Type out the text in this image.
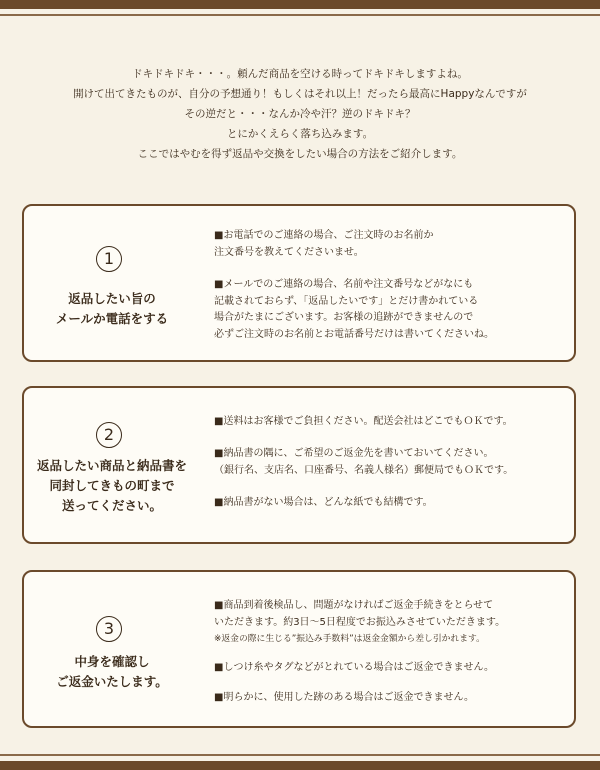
ドキドキドキ・・・。頼んだ商品を空ける時ってドキドキしますよね。
開けて出てきたものが、自分の予想通り！もしくはそれ以上！だったら最高にHappyなんですが
その逆だと・・・なんか冷や汗？逆のドキドキ？
とにかくえらく落ち込みます。
ここではやむを得ず返品や交換をしたい場合の方法をご紹介します。
1
返品したい旨の
メールか電話をする
■お電話でのご連絡の場合、ご注文時のお名前か
注文番号を教えてくださいませ。
■メールでのご連絡の場合、名前や注文番号などがなにも
記載されておらず、「返品したいです」とだけ書かれている
場合がたまにございます。お客様の追跡ができませんので
必ずご注文時のお名前とお電話番号だけは書いてくださいね。
2
返品したい商品と納品書を
同封してきもの町まで
送ってください。
■送料はお客様でご負担ください。配送会社はどこでもＯＫです。
■納品書の隅に、ご希望のご返金先を書いておいてください。
（銀行名、支店名、口座番号、名義人様名）郵便局でもＯＫです。
■納品書がない場合は、どんな紙でも結構です。
3
中身を確認し
ご返金いたします。
■商品到着後検品し、問題がなければご返金手続きをとらせて
いただきます。約3日～5日程度でお振込みさせていただきます。
※返金の際に生じる”振込み手数料”は返金金額から差し引かれます。
■しつけ糸やタグなどがとれている場合はご返金できません。
■明らかに、使用した跡のある場合はご返金できません。
